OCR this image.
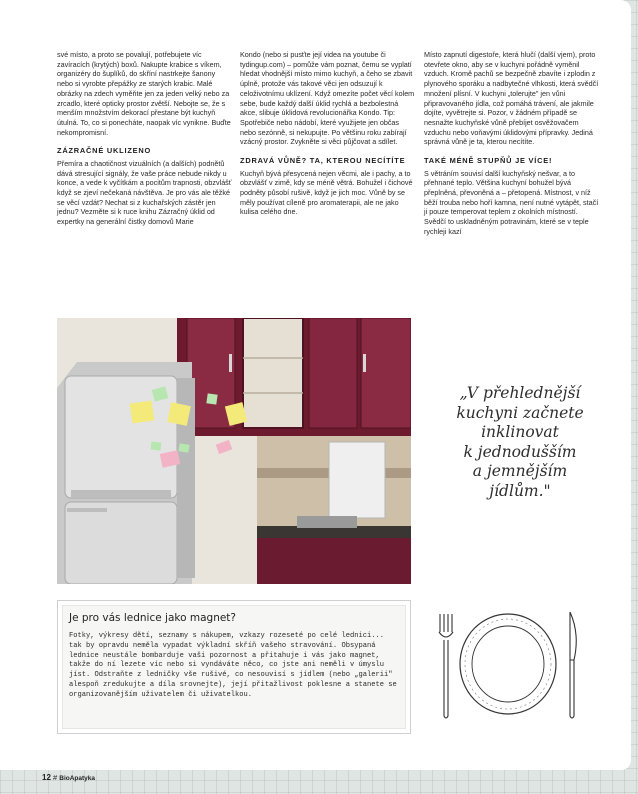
své místo, a proto se povalují, potřebujete víc zavíracích (krytých) boxů. Nakupte krabice s víkem, organizéry do šuplíků, do skříní nastrkejte šanony nebo si vyrobte přepážky ze starých krabic. Malé obrázky na zdech vyměňte jen za jeden velký nebo za zrcadlo, které opticky prostor zvětší. Nebojte se, že s menším množstvím dekorací přestane být kuchyň útulná. To, co si ponecháte, naopak víc vynikne. Buďte nekompromisní.

ZÁZRAČNÉ UKLIZENO

Přemíra a chaotičnost vizuálních (a dalších) podnětů dává stresující signály, že vaše práce nebude nikdy u konce, a vede k vyčítkám a pocitům trapnosti, obzvlášť když se zjeví nečekaná návštěva. Je pro vás ale těžké se věcí vzdát? Nechat si z kuchařských zástěr jen jednu? Vezměte si k ruce knihu Zázračný úklid od expertky na generální čistky domovů Marie

Kondo (nebo si pusťte její videa na youtube či tydingup.com) – pomůže vám poznat, čemu se vyplatí hledat vhodnější místo mimo kuchyň, a čeho se zbavit úplně, protože vás takové věci jen odsuzují k celoživotnímu uklízení. Když omezíte počet věcí kolem sebe, bude každý další úklid rychlá a bezbolestná akce, slibuje úklidová revolucionářka Kondo. Tip: Spotřebiče nebo nádobí, které využijete jen občas nebo sezónně, si nekupujte. Po většinu roku zabírají vzácný prostor. Zvykněte si věci půjčovat a sdílet.

ZDRAVÁ VŮNĚ? TA, KTEROU NECÍTÍTE

Kuchyň bývá přesycená nejen věcmi, ale i pachy, a to obzvlášť v zimě, kdy se méně větrá. Bohužel i čichové podněty působí rušivě, když je jich moc. Vůně by se měly používat cíleně pro aromaterapii, ale ne jako kulisa celého dne.

Místo zapnutí digestoře, která hlučí (další vjem), proto otevřete okno, aby se v kuchyni pořádně vyměnil vzduch. Kromě pachů se bezpečně zbavíte i zplodin z plynového sporáku a nadbytečné vlhkosti, která svědčí množení plísní. V kuchyni „tolerujte" jen vůni připravovaného jídla, což pomáhá trávení, ale jakmile dojíte, vyvětrejte si. Pozor, v žádném případě se nesnažte kuchyňské vůně přebíjet osvěžovačem vzduchu nebo voňavými úklidovými přípravky. Jediná správná vůně je ta, kterou necítíte.

TAKÉ MÉNĚ STUPŇŮ JE VÍCE!

S větráním souvisí další kuchyňský nešvar, a to přehnané teplo. Většina kuchyní bohužel bývá přeplněná, převoněná a – přetopená. Místnost, v níž běží trouba nebo hoří kamna, není nutné vytápět, stačí ji pouze temperovat teplem z okolních místností. Svědčí to uskladněným potravinám, které se v teple rychleji kazí

„V přehlednější
kuchyni začnete
inklinovat
k jednodušším
a jemnějším
jídlům."
Je pro vás lednice jako magnet?

Fotky, výkresy dětí, seznamy s nákupem, vzkazy rozeseté po celé lednici... tak by opravdu neměla vypadat výkladní skříň vašeho stravování. Obsypaná lednice neustále bombarduje vaši pozornost a přitahuje i vás jako magnet, takže do ní lezete víc nebo si vyndáváte něco, co jste ani neměli v úmyslu jíst. Odstraňte z ledničky vše rušivé, co nesouvisí s jídlem (nebo „galerii" alespoň zredukujte a díla srovnejte), její přitažlivost poklesne a stanete se organizovanějším uživatelem či uživatelkou.

12 # BioApatyka
